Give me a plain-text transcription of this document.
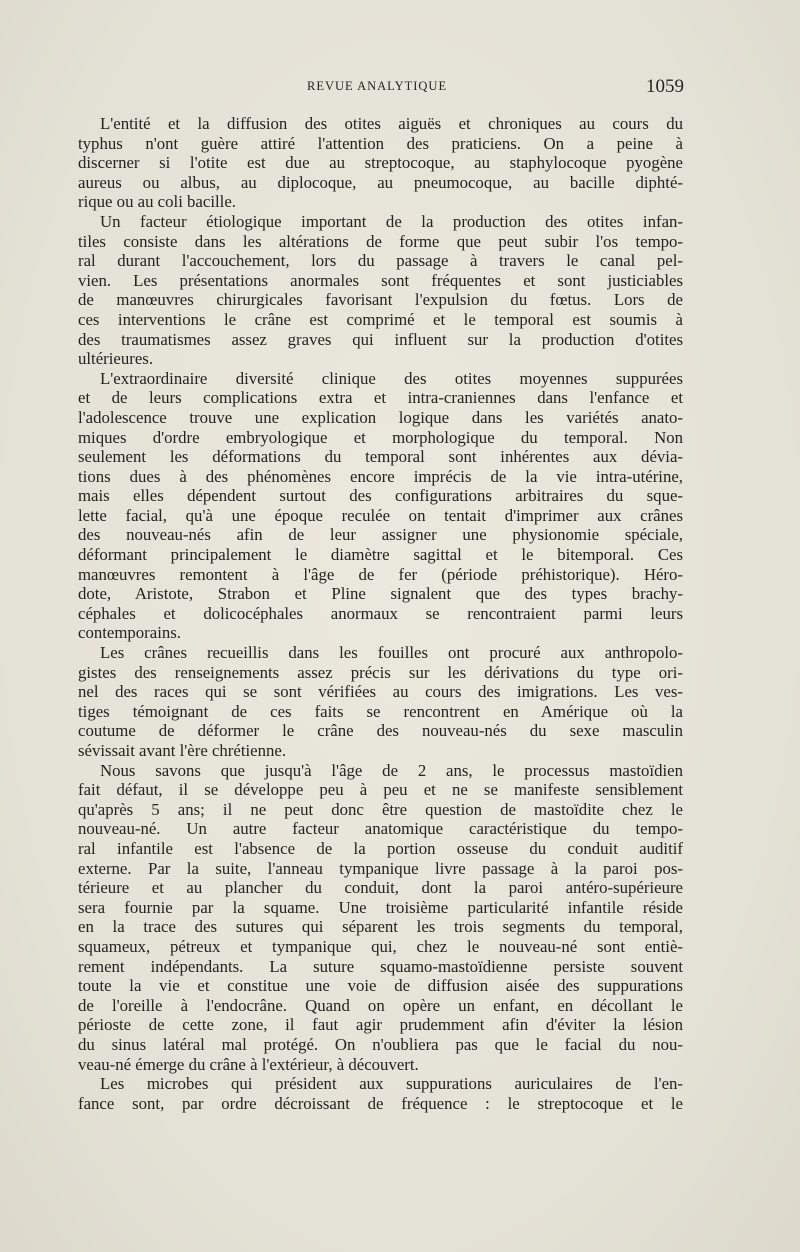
REVUE ANALYTIQUE	1059
L'entité et la diffusion des otites aiguës et chroniques au cours du
typhus n'ont guère attiré l'attention des praticiens. On a peine à
discerner si l'otite est due au streptocoque, au staphylocoque pyogène
aureus ou albus, au diplocoque, au pneumocoque, au bacille diphté-
rique ou au coli bacille.
Un facteur étiologique important de la production des otites infan-
tiles consiste dans les altérations de forme que peut subir l'os tempo-
ral durant l'accouchement, lors du passage à travers le canal pel-
vien. Les présentations anormales sont fréquentes et sont justiciables
de manœuvres chirurgicales favorisant l'expulsion du fœtus. Lors de
ces interventions le crâne est comprimé et le temporal est soumis à
des traumatismes assez graves qui influent sur la production d'otites
ultérieures.
L'extraordinaire diversité clinique des otites moyennes suppurées
et de leurs complications extra et intra-craniennes dans l'enfance et
l'adolescence trouve une explication logique dans les variétés anato-
miques d'ordre embryologique et morphologique du temporal. Non
seulement les déformations du temporal sont inhérentes aux dévia-
tions dues à des phénomènes encore imprécis de la vie intra-utérine,
mais elles dépendent surtout des configurations arbitraires du sque-
lette facial, qu'à une époque reculée on tentait d'imprimer aux crânes
des nouveau-nés afin de leur assigner une physionomie spéciale,
déformant principalement le diamètre sagittal et le bitemporal. Ces
manœuvres remontent à l'âge de fer (période préhistorique). Héro-
dote, Aristote, Strabon et Pline signalent que des types brachy-
céphales et dolicocéphales anormaux se rencontraient parmi leurs
contemporains.
Les crânes recueillis dans les fouilles ont procuré aux anthropolo-
gistes des renseignements assez précis sur les dérivations du type ori-
nel des races qui se sont vérifiées au cours des imigrations. Les ves-
tiges témoignant de ces faits se rencontrent en Amérique où la
coutume de déformer le crâne des nouveau-nés du sexe masculin
sévissait avant l'ère chrétienne.
Nous savons que jusqu'à l'âge de 2 ans, le processus mastoïdien
fait défaut, il se développe peu à peu et ne se manifeste sensiblement
qu'après 5 ans; il ne peut donc être question de mastoïdite chez le
nouveau-né. Un autre facteur anatomique caractéristique du tempo-
ral infantile est l'absence de la portion osseuse du conduit auditif
externe. Par la suite, l'anneau tympanique livre passage à la paroi pos-
térieure et au plancher du conduit, dont la paroi antéro-supérieure
sera fournie par la squame. Une troisième particularité infantile réside
en la trace des sutures qui séparent les trois segments du temporal,
squameux, pétreux et tympanique qui, chez le nouveau-né sont entiè-
rement indépendants. La suture squamo-mastoïdienne persiste souvent
toute la vie et constitue une voie de diffusion aisée des suppurations
de l'oreille à l'endocrâne. Quand on opère un enfant, en décollant le
périoste de cette zone, il faut agir prudemment afin d'éviter la lésion
du sinus latéral mal protégé. On n'oubliera pas que le facial du nou-
veau-né émerge du crâne à l'extérieur, à découvert.
Les microbes qui président aux suppurations auriculaires de l'en-
fance sont, par ordre décroissant de fréquence : le streptocoque et le
